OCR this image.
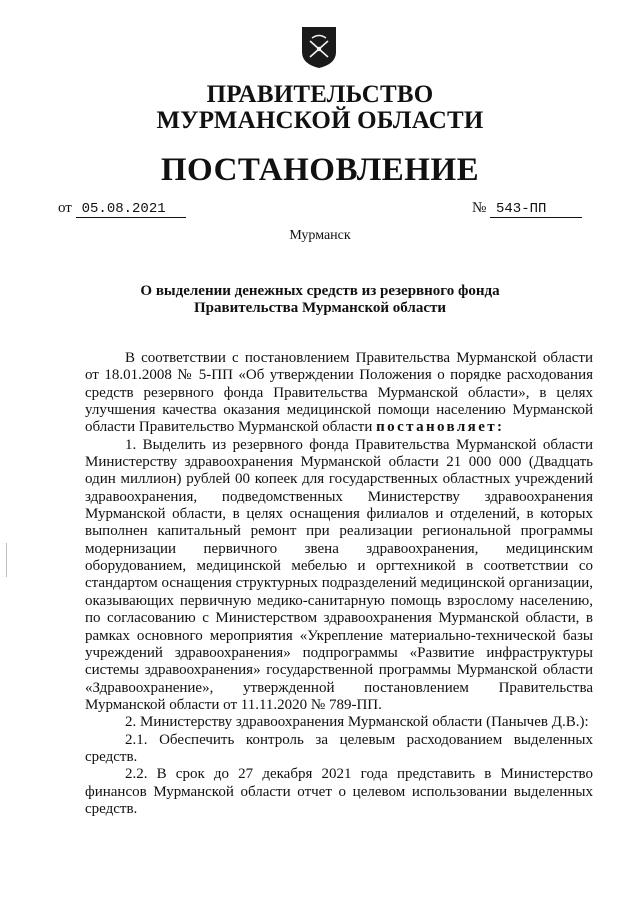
ПРАВИТЕЛЬСТВО
МУРМАНСКОЙ ОБЛАСТИ
ПОСТАНОВЛЕНИЕ
от 05.08.2021	№ 543-ПП
Мурманск
О выделении денежных средств из резервного фонда
Правительства Мурманской области

В соответствии с постановлением Правительства Мурманской области от 18.01.2008 № 5-ПП «Об утверждении Положения о порядке расходования средств резервного фонда Правительства Мурманской области», в целях улучшения качества оказания медицинской помощи населению Мурманской области Правительство Мурманской области постановляет:

1. Выделить из резервного фонда Правительства Мурманской области Министерству здравоохранения Мурманской области 21 000 000 (Двадцать один миллион) рублей 00 копеек для государственных областных учреждений здравоохранения, подведомственных Министерству здравоохранения Мурманской области, в целях оснащения филиалов и отделений, в которых выполнен капитальный ремонт при реализации региональной программы модернизации первичного звена здравоохранения, медицинским оборудованием, медицинской мебелью и оргтехникой в соответствии со стандартом оснащения структурных подразделений медицинской организации, оказывающих первичную медико-санитарную помощь взрослому населению, по согласованию с Министерством здравоохранения Мурманской области, в рамках основного мероприятия «Укрепление материально-технической базы учреждений здравоохранения» подпрограммы «Развитие инфраструктуры системы здравоохранения» государственной программы Мурманской области «Здравоохранение», утвержденной постановлением Правительства Мурманской области от 11.11.2020 № 789-ПП.

2. Министерству здравоохранения Мурманской области (Панычев Д.В.):

2.1. Обеспечить контроль за целевым расходованием выделенных средств.

2.2. В срок до 27 декабря 2021 года представить в Министерство финансов Мурманской области отчет о целевом использовании выделенных средств.
